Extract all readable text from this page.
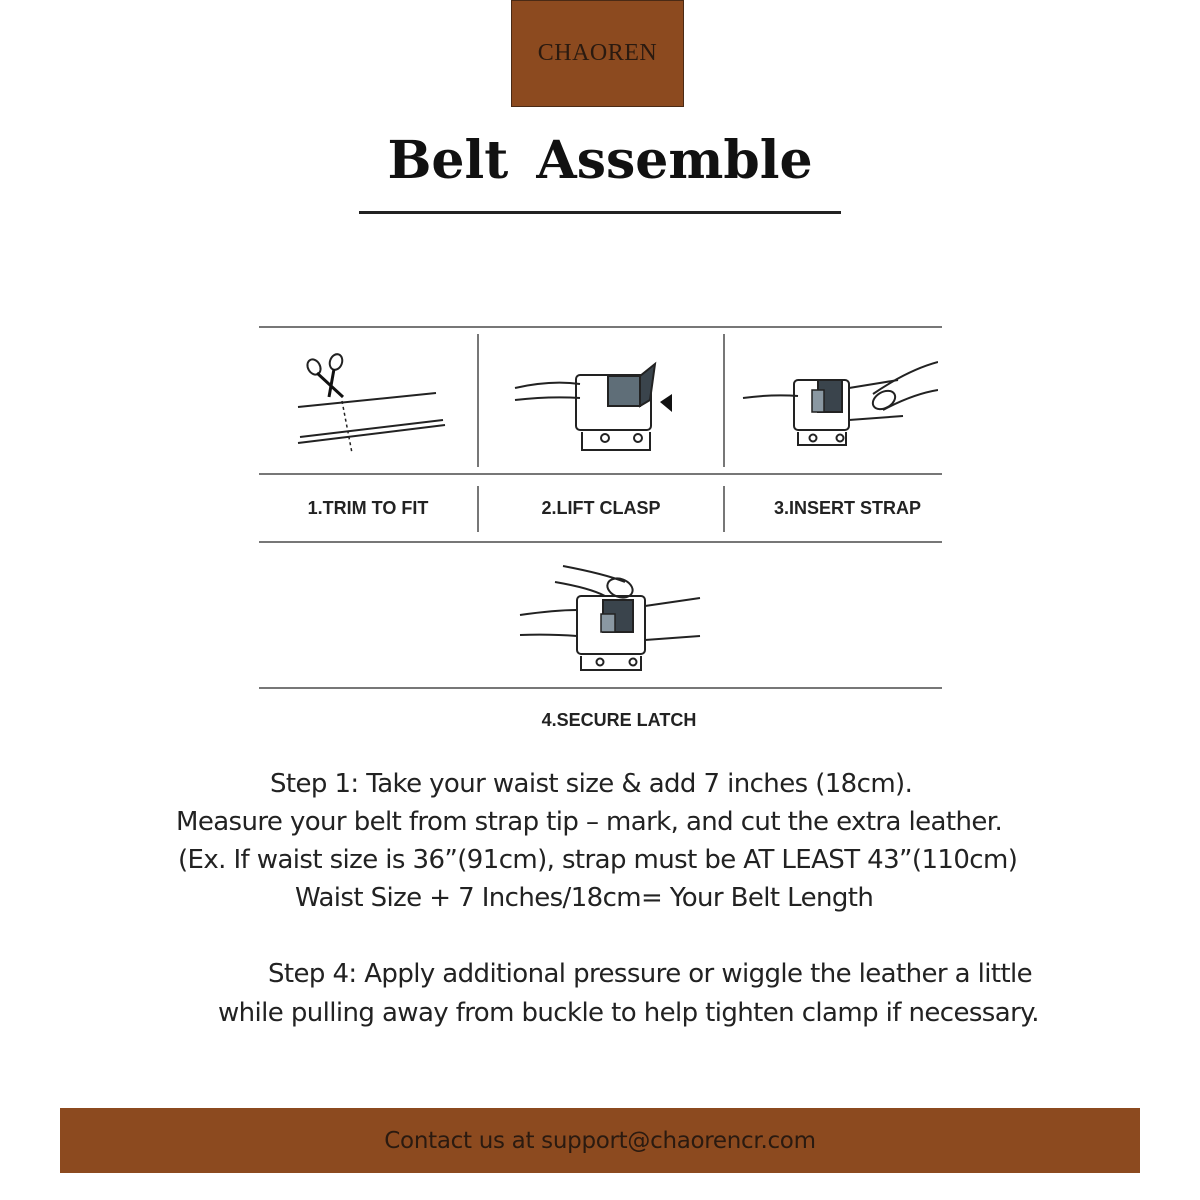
CHAOREN
Belt Assemble
1.TRIM TO FIT	2.LIFT CLASP	3.INSERT STRAP
4.SECURE LATCH
Step 1: Take your waist size & add 7 inches (18cm).
Measure your belt from strap tip – mark, and cut the extra leather.
(Ex. If waist size is 36”(91cm), strap must be AT LEAST 43”(110cm)
Waist Size + 7 Inches/18cm= Your Belt Length
Step 4: Apply additional pressure or wiggle the leather a little
while pulling away from buckle to help tighten clamp if necessary.
Contact us at support@chaorencr.com
